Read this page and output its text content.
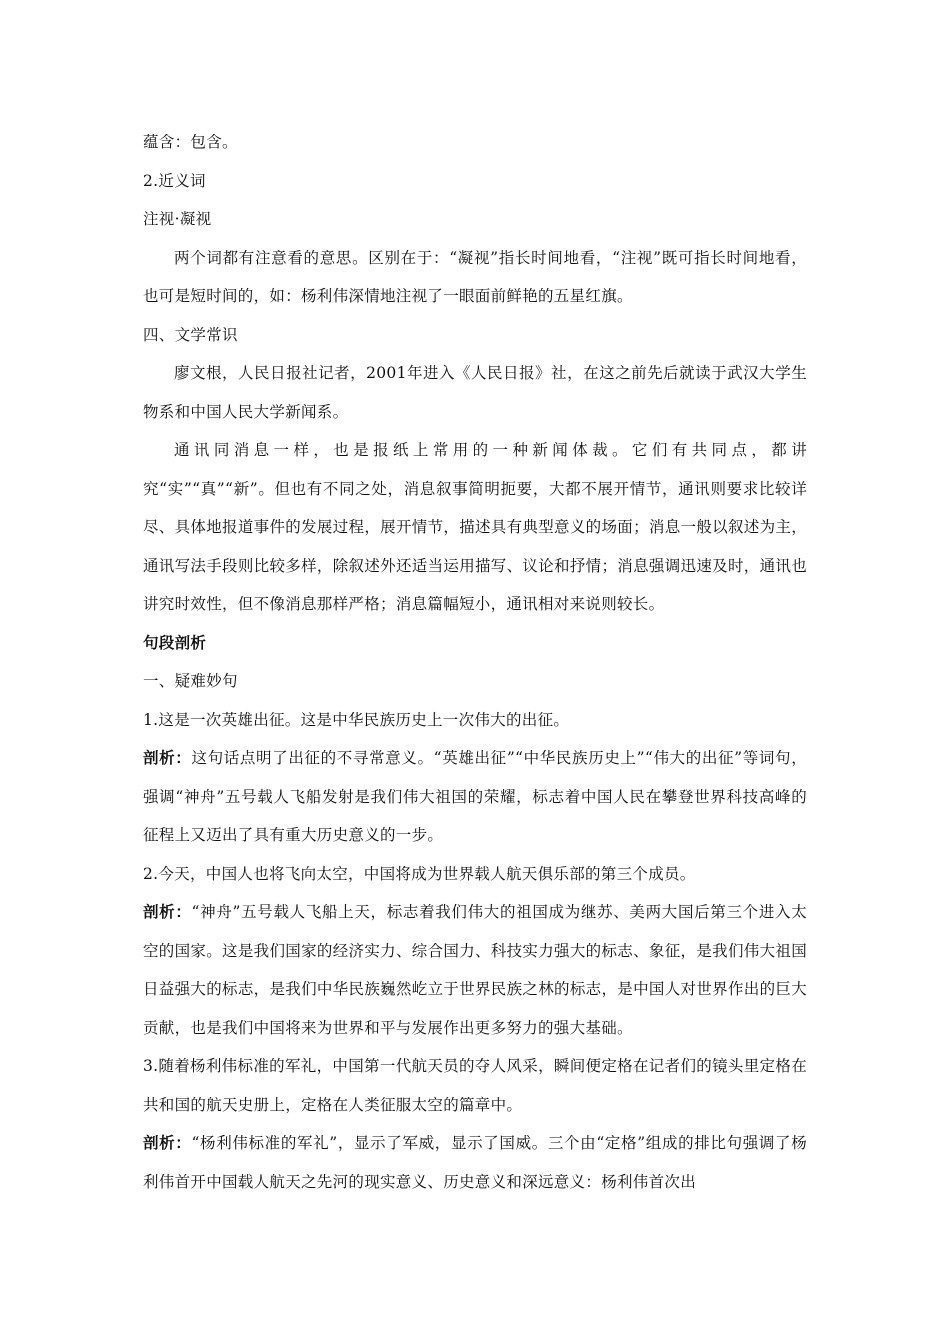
蕴含：包含。

2.近义词

注视·凝视

两个词都有注意看的意思。区别在于：“凝视”指长时间地看，“注视”既可指长时间地看，也可是短时间的，如：杨利伟深情地注视了一眼面前鲜艳的五星红旗。

四、文学常识

廖文根，人民日报社记者，2001年进入《人民日报》社，在这之前先后就读于武汉大学生物系和中国人民大学新闻系。

通讯同消息一样，也是报纸上常用的一种新闻体裁。它们有共同点，都讲究“实”“真”“新”。但也有不同之处，消息叙事简明扼要，大都不展开情节，通讯则要求比较详尽、具体地报道事件的发展过程，展开情节，描述具有典型意义的场面；消息一般以叙述为主，通讯写法手段则比较多样，除叙述外还适当运用描写、议论和抒情；消息强调迅速及时，通讯也讲究时效性，但不像消息那样严格；消息篇幅短小，通讯相对来说则较长。

句段剖析

一、疑难妙句

1.这是一次英雄出征。这是中华民族历史上一次伟大的出征。

剖析：这句话点明了出征的不寻常意义。“英雄出征”“中华民族历史上”“伟大的出征”等词句，强调“神舟”五号载人飞船发射是我们伟大祖国的荣耀，标志着中国人民在攀登世界科技高峰的征程上又迈出了具有重大历史意义的一步。

2.今天，中国人也将飞向太空，中国将成为世界载人航天俱乐部的第三个成员。

剖析：“神舟”五号载人飞船上天，标志着我们伟大的祖国成为继苏、美两大国后第三个进入太空的国家。这是我们国家的经济实力、综合国力、科技实力强大的标志、象征，是我们伟大祖国日益强大的标志，是我们中华民族巍然屹立于世界民族之林的标志，是中国人对世界作出的巨大贡献，也是我们中国将来为世界和平与发展作出更多努力的强大基础。

3.随着杨利伟标准的军礼，中国第一代航天员的夺人风采，瞬间便定格在记者们的镜头里定格在共和国的航天史册上，定格在人类征服太空的篇章中。

剖析：“杨利伟标准的军礼”，显示了军威，显示了国威。三个由“定格”组成的排比句强调了杨利伟首开中国载人航天之先河的现实意义、历史意义和深远意义：杨利伟首次出
